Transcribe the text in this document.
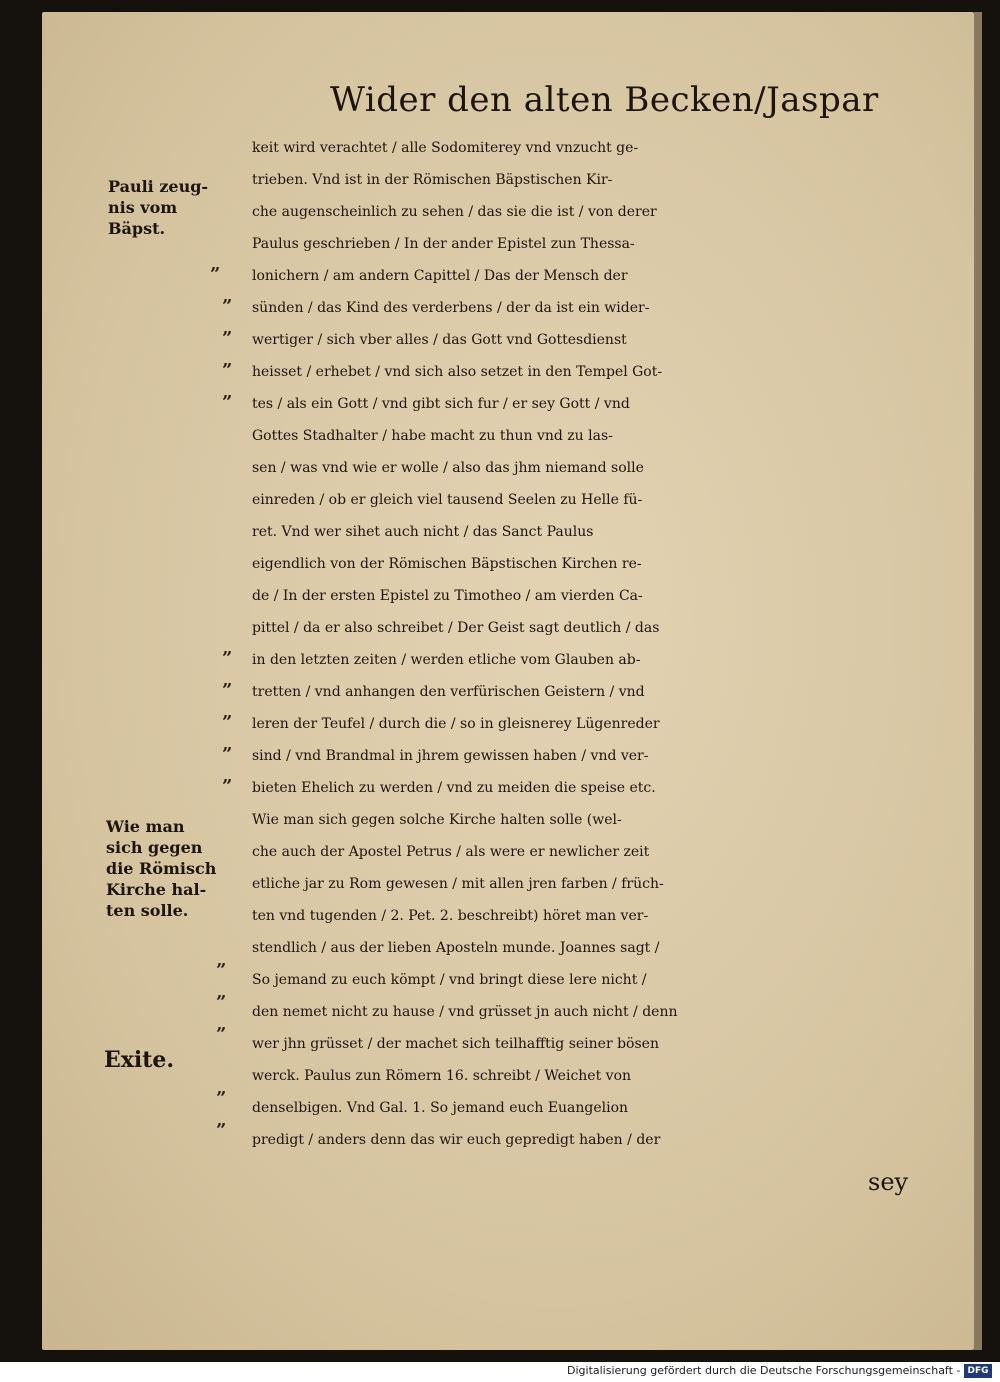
Wider den alten Becken/Jaspar
Pauli zeug-
nis vom
Bäpst.
Wie man
sich gegen
die Römisch
Kirche hal-
ten solle.
Exite.
”
”
”
”
”
”
”
”
”
”
”
”
”
”
”
keit wird verachtet / alle Sodomiterey vnd vnzucht ge-
trieben. Vnd ist in der Römischen Bäpstischen Kir-
che augenscheinlich zu sehen / das sie die ist / von derer
Paulus geschrieben / In der ander Epistel zun Thessa-
lonichern / am andern Capittel / Das der Mensch der
sünden / das Kind des verderbens / der da ist ein wider-
wertiger / sich vber alles / das Gott vnd Gottesdienst
heisset / erhebet / vnd sich also setzet in den Tempel Got-
tes / als ein Gott / vnd gibt sich fur / er sey Gott / vnd
Gottes Stadhalter / habe macht zu thun vnd zu las-
sen / was vnd wie er wolle / also das jhm niemand solle
einreden / ob er gleich viel tausend Seelen zu Helle fü-
ret. Vnd wer sihet auch nicht / das Sanct Paulus
eigendlich von der Römischen Bäpstischen Kirchen re-
de / In der ersten Epistel zu Timotheo / am vierden Ca-
pittel / da er also schreibet / Der Geist sagt deutlich / das
in den letzten zeiten / werden etliche vom Glauben ab-
tretten / vnd anhangen den verfürischen Geistern / vnd
leren der Teufel / durch die / so in gleisnerey Lügenreder
sind / vnd Brandmal in jhrem gewissen haben / vnd ver-
bieten Ehelich zu werden / vnd zu meiden die speise etc.
Wie man sich gegen solche Kirche halten solle (wel-
che auch der Apostel Petrus / als were er newlicher zeit
etliche jar zu Rom gewesen / mit allen jren farben / früch-
ten vnd tugenden / 2. Pet. 2. beschreibt) höret man ver-
stendlich / aus der lieben Aposteln munde. Joannes sagt /
So jemand zu euch kömpt / vnd bringt diese lere nicht /
den nemet nicht zu hause / vnd grüsset jn auch nicht / denn
wer jhn grüsset / der machet sich teilhafftig seiner bösen
werck. Paulus zun Römern 16. schreibt / Weichet von
denselbigen. Vnd Gal. 1. So jemand euch Euangelion
predigt / anders denn das wir euch gepredigt haben / der
sey
Digitalisierung gefördert durch die Deutsche Forschungsgemeinschaft - DFG
